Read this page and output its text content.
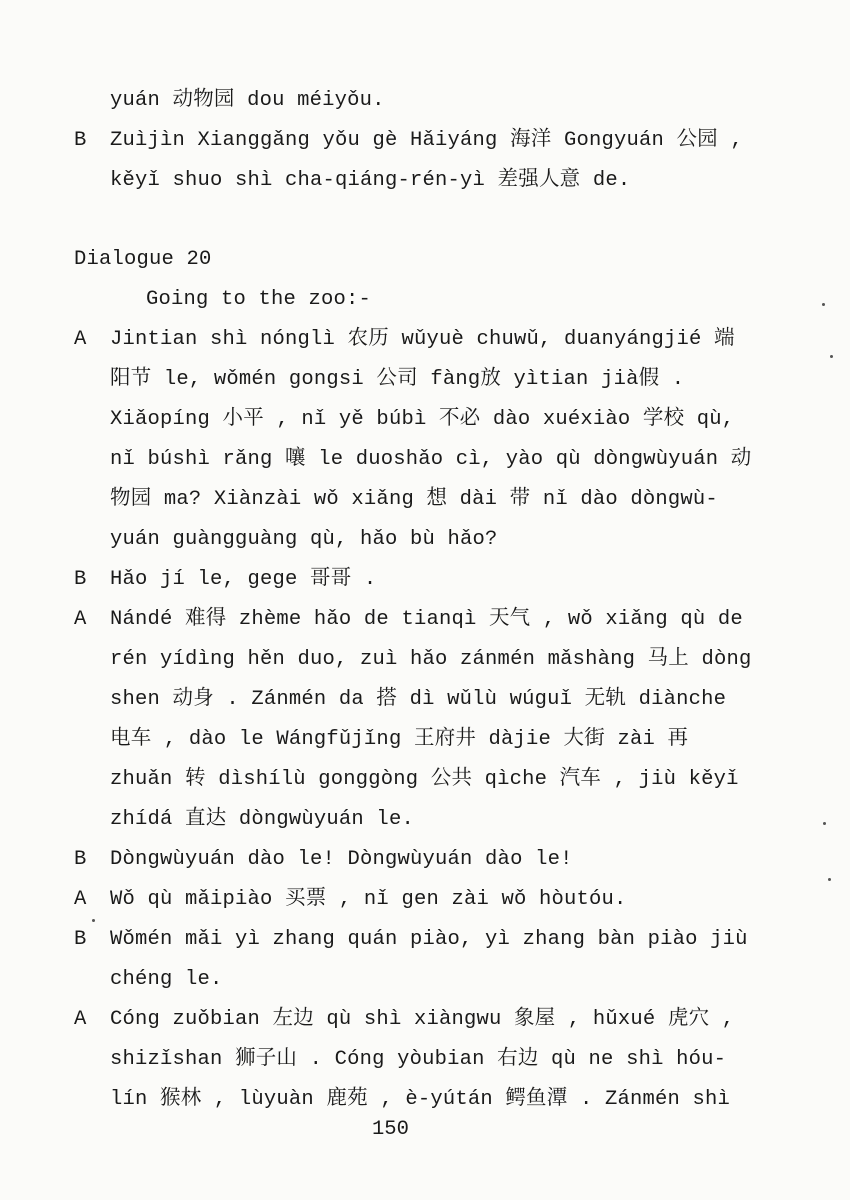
yuán 动物园 dou méiyǒu.
B Zuìjìn Xianggǎng yǒu gè Hǎiyáng 海洋 Gongyuán 公园 ,
kěyǐ shuo shì cha-qiáng-rén-yì 差强人意 de.
Dialogue 20
Going to the zoo:-
A Jintian shì nónglì 农历 wǔyuè chuwǔ, duanyángjié 端
阳节 le, wǒmén gongsi 公司 fàng放 yìtian jià假 .
Xiǎopíng 小平 , nǐ yě búbì 不必 dào xuéxiào 学校 qù,
nǐ búshì rǎng 嚷 le duoshǎo cì, yào qù dòngwùyuán 动
物园 ma? Xiànzài wǒ xiǎng 想 dài 带 nǐ dào dòngwù-
yuán guàngguàng qù, hǎo bù hǎo?
B Hǎo jí le, gege 哥哥 .
A Nándé 难得 zhème hǎo de tianqì 天气 , wǒ xiǎng qù de
rén yídìng hěn duo, zuì hǎo zánmén mǎshàng 马上 dòng
shen 动身 . Zánmén da 搭 dì wǔlù wúguǐ 无轨 diànche
电车 , dào le Wángfǔjǐng 王府井 dàjie 大街 zài 再
zhuǎn 转 dìshílù gonggòng 公共 qìche 汽车 , jiù kěyǐ
zhídá 直达 dòngwùyuán le.
B Dòngwùyuán dào le! Dòngwùyuán dào le!
A Wǒ qù mǎipiào 买票 , nǐ gen zài wǒ hòutóu.
B Wǒmén mǎi yì zhang quán piào, yì zhang bàn piào jiù
chéng le.
A Cóng zuǒbian 左边 qù shì xiàngwu 象屋 , hǔxué 虎穴 ,
shizǐshan 狮子山 . Cóng yòubian 右边 qù ne shì hóu-
lín 猴林 , lùyuàn 鹿苑 , è-yútán 鳄鱼潭 . Zánmén shì
150
